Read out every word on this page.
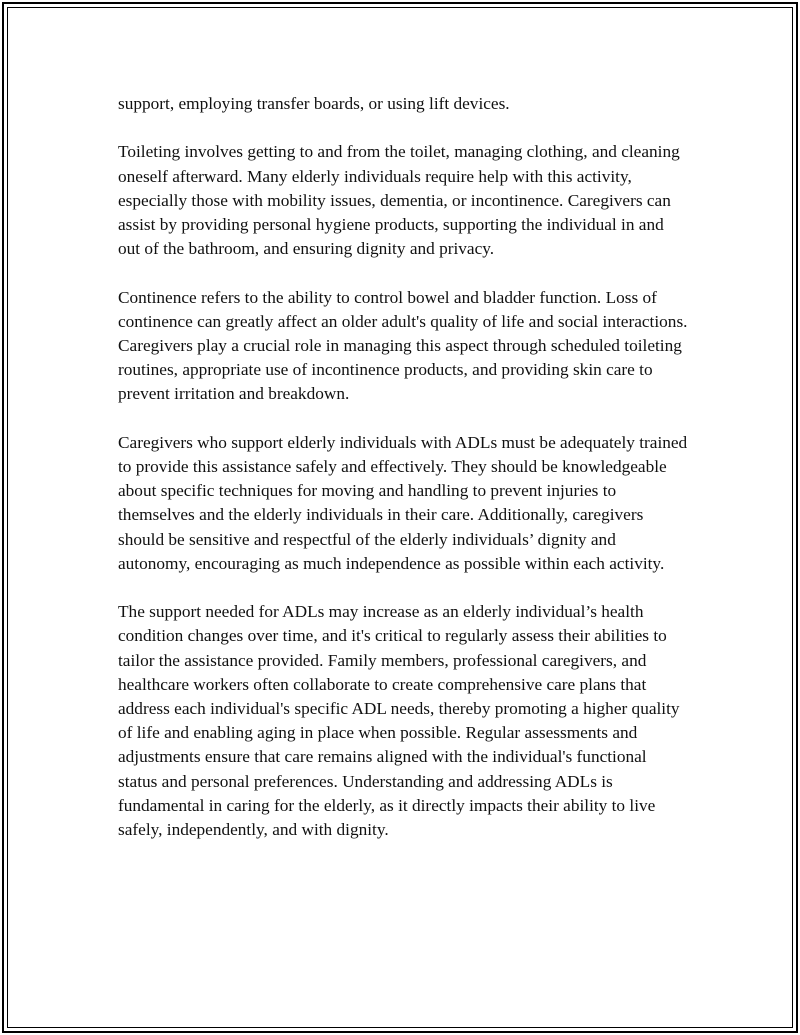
support, employing transfer boards, or using lift devices.

Toileting involves getting to and from the toilet, managing clothing, and cleaning oneself afterward. Many elderly individuals require help with this activity, especially those with mobility issues, dementia, or incontinence. Caregivers can assist by providing personal hygiene products, supporting the individual in and out of the bathroom, and ensuring dignity and privacy.

Continence refers to the ability to control bowel and bladder function. Loss of continence can greatly affect an older adult's quality of life and social interactions. Caregivers play a crucial role in managing this aspect through scheduled toileting routines, appropriate use of incontinence products, and providing skin care to prevent irritation and breakdown.

Caregivers who support elderly individuals with ADLs must be adequately trained to provide this assistance safely and effectively. They should be knowledgeable about specific techniques for moving and handling to prevent injuries to themselves and the elderly individuals in their care. Additionally, caregivers should be sensitive and respectful of the elderly individuals’ dignity and autonomy, encouraging as much independence as possible within each activity.

The support needed for ADLs may increase as an elderly individual’s health condition changes over time, and it's critical to regularly assess their abilities to tailor the assistance provided. Family members, professional caregivers, and healthcare workers often collaborate to create comprehensive care plans that address each individual's specific ADL needs, thereby promoting a higher quality of life and enabling aging in place when possible. Regular assessments and adjustments ensure that care remains aligned with the individual's functional status and personal preferences. Understanding and addressing ADLs is fundamental in caring for the elderly, as it directly impacts their ability to live safely, independently, and with dignity.
